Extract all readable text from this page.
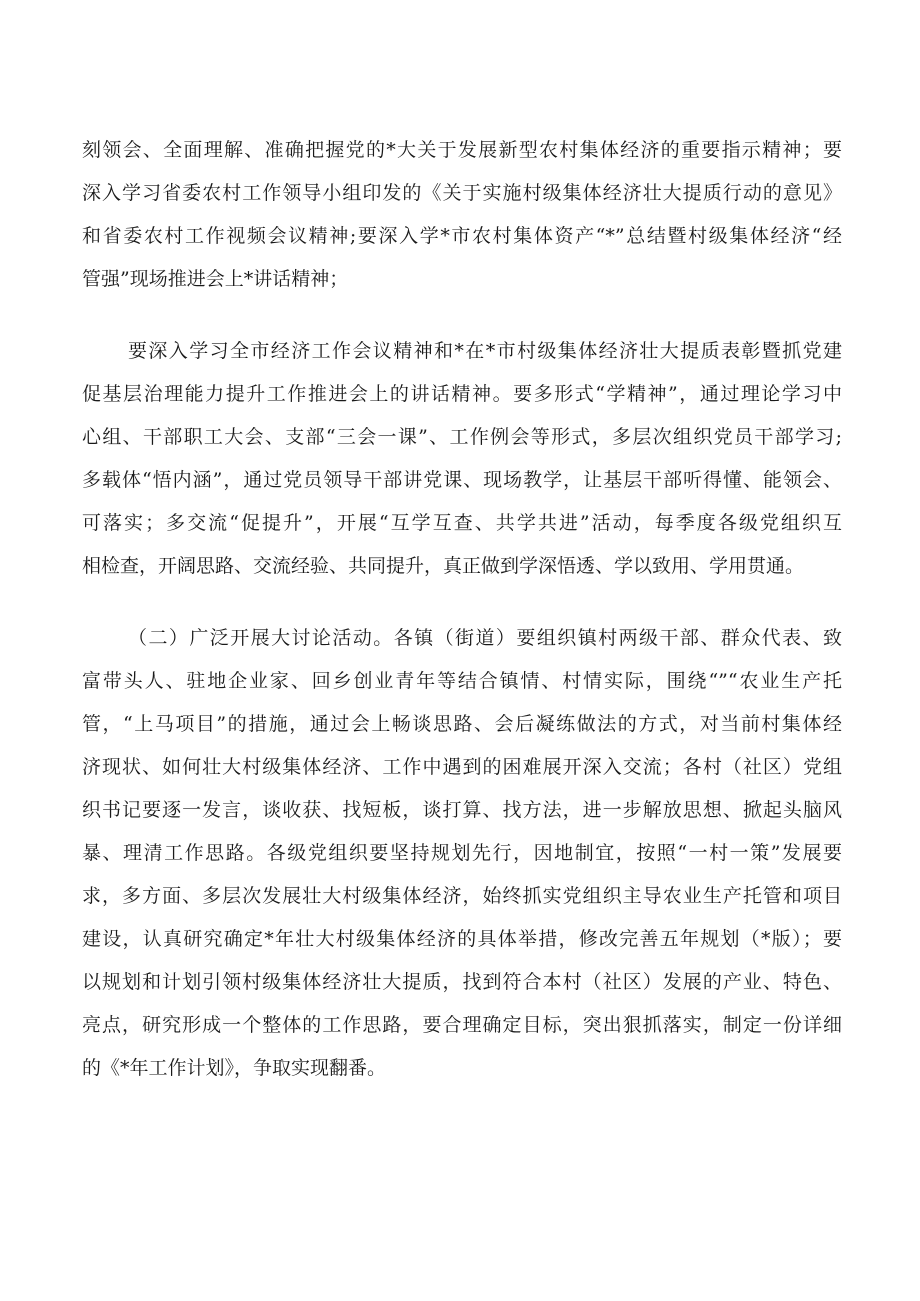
刻领会、全面理解、准确把握党的*大关于发展新型农村集体经济的重要指示精神；要
深入学习省委农村工作领导小组印发的《关于实施村级集体经济壮大提质行动的意见》
和省委农村工作视频会议精神;要深入学*市农村集体资产“*”总结暨村级集体经济“经
管强”现场推进会上*讲话精神；
要深入学习全市经济工作会议精神和*在*市村级集体经济壮大提质表彰暨抓党建
促基层治理能力提升工作推进会上的讲话精神。要多形式“学精神”，通过理论学习中
心组、干部职工大会、支部“三会一课”、工作例会等形式，多层次组织党员干部学习;
多载体“悟内涵”，通过党员领导干部讲党课、现场教学，让基层干部听得懂、能领会、
可落实；多交流“促提升”，开展“互学互查、共学共进”活动，每季度各级党组织互
相检查，开阔思路、交流经验、共同提升，真正做到学深悟透、学以致用、学用贯通。
（二）广泛开展大讨论活动。各镇（街道）要组织镇村两级干部、群众代表、致
富带头人、驻地企业家、回乡创业青年等结合镇情、村情实际，围绕“”“农业生产托
管，“上马项目”的措施，通过会上畅谈思路、会后凝练做法的方式，对当前村集体经
济现状、如何壮大村级集体经济、工作中遇到的困难展开深入交流；各村（社区）党组
织书记要逐一发言，谈收获、找短板，谈打算、找方法，进一步解放思想、掀起头脑风
暴、理清工作思路。各级党组织要坚持规划先行，因地制宜，按照“一村一策”发展要
求，多方面、多层次发展壮大村级集体经济，始终抓实党组织主导农业生产托管和项目
建设，认真研究确定*年壮大村级集体经济的具体举措，修改完善五年规划（*版）；要
以规划和计划引领村级集体经济壮大提质，找到符合本村（社区）发展的产业、特色、
亮点，研究形成一个整体的工作思路，要合理确定目标，突出狠抓落实，制定一份详细
的《*年工作计划》，争取实现翻番。
